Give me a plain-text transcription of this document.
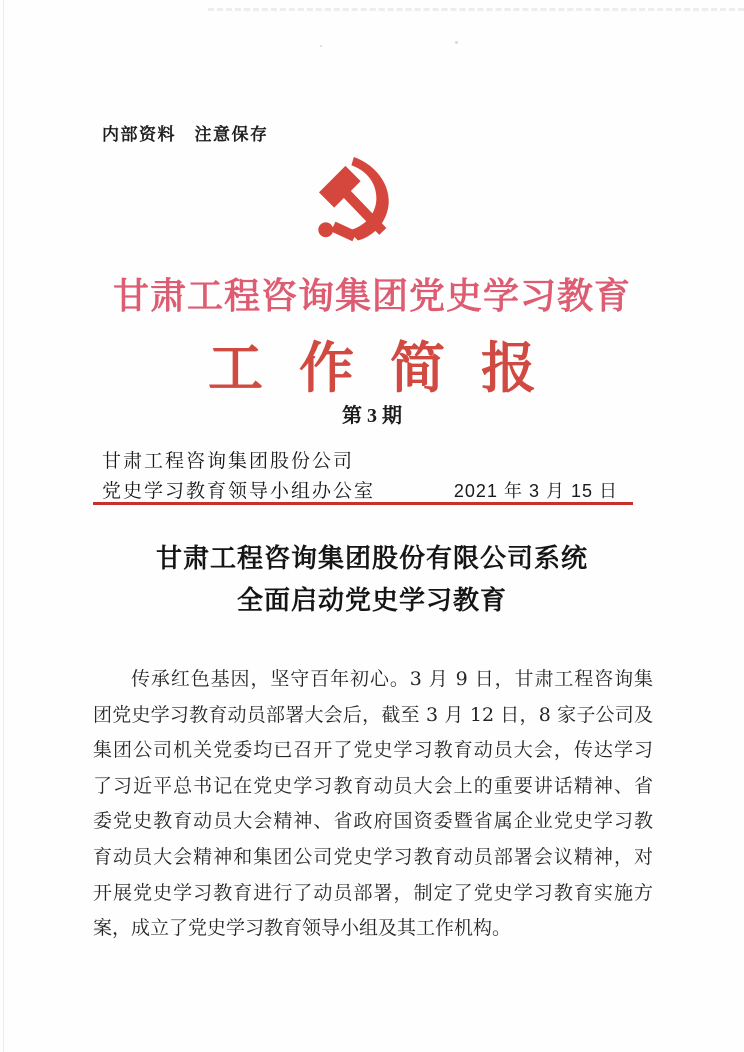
内部资料　注意保存
甘肃工程咨询集团党史学习教育
工作简报
第 3 期
甘肃工程咨询集团股份公司
党史学习教育领导小组办公室	2021 年 3 月 15 日
甘肃工程咨询集团股份有限公司系统
全面启动党史学习教育
传承红色基因，坚守百年初心。3 月 9 日，甘肃工程咨询集
团党史学习教育动员部署大会后，截至 3 月 12 日，8 家子公司及
集团公司机关党委均已召开了党史学习教育动员大会，传达学习
了习近平总书记在党史学习教育动员大会上的重要讲话精神、省
委党史教育动员大会精神、省政府国资委暨省属企业党史学习教
育动员大会精神和集团公司党史学习教育动员部署会议精神，对
开展党史学习教育进行了动员部署，制定了党史学习教育实施方
案，成立了党史学习教育领导小组及其工作机构。
